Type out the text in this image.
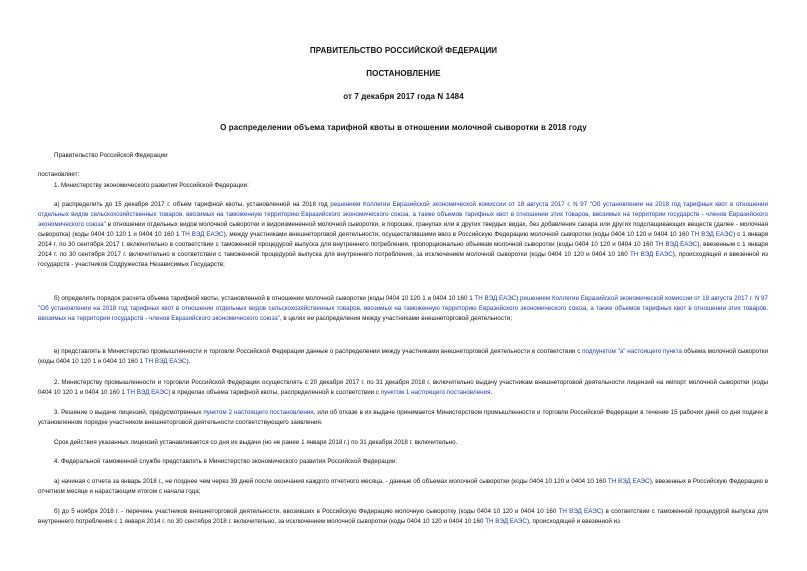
ПРАВИТЕЛЬСТВО РОССИЙСКОЙ ФЕДЕРАЦИИ
ПОСТАНОВЛЕНИЕ
от 7 декабря 2017 года N 1484
О распределении объема тарифной квоты в отношении молочной сыворотки в 2018 году
Правительство Российской Федерации
постановляет:
1. Министерству экономического развития Российской Федерации:
а) распределить до 15 декабря 2017 г. объем тарифной квоты, установленной на 2018 год решением Коллегии Евразийской экономической комиссии от 18 августа 2017 г. N 97 "Об установлении на 2018 год тарифных квот в отношении отдельных видов сельскохозяйственных товаров, ввозимых на таможенную территорию Евразийского экономического союза, а также объемов тарифных квот в отношении этих товаров, ввозимых на территории государств - членов Евразийского экономического союза" в отношении отдельных видов молочной сыворотки и видоизмененной молочной сыворотки, в порошке, гранулах или в других твердых видах, без добавления сахара или других подслащивающих веществ (далее - молочная сыворотка) (коды 0404 10 120 1 и 0404 10 160 1 ТН ВЭД ЕАЭС), между участниками внешнеторговой деятельности, осуществлявшими ввоз в Российскую Федерацию молочной сыворотки (коды 0404 10 120 и 0404 10 160 ТН ВЭД ЕАЭС) с 1 января 2014 г. по 30 сентября 2017 г. включительно в соответствии с таможенной процедурой выпуска для внутреннего потребления, пропорционально объемам молочной сыворотки (коды 0404 10 120 и 0404 10 160 ТН ВЭД ЕАЭС), ввезенным с 1 января 2014 г. по 30 сентября 2017 г. включительно в соответствии с таможенной процедурой выпуска для внутреннего потребления, за исключением молочной сыворотки (коды 0404 10 120 и 0404 10 160 ТН ВЭД ЕАЭС), происходящей и ввезенной из государств - участников Содружества Независимых Государств;
б) определить порядок расчета объема тарифной квоты, установленной в отношении молочной сыворотки (коды 0404 10 120 1 и 0404 10 160 1 ТН ВЭД ЕАЭС) решением Коллегии Евразийской экономической комиссии от 18 августа 2017 г. N 97 "Об установлении на 2018 год тарифных квот в отношении отдельных видов сельскохозяйственных товаров, ввозимых на таможенную территорию Евразийского экономического союза, а также объемов тарифных квот в отношении этих товаров, ввозимых на территории государств - членов Евразийского экономического союза", в целях ее распределения между участниками внешнеторговой деятельности;
в) представлять в Министерство промышленности и торговли Российской Федерации данные о распределении между участниками внешнеторговой деятельности в соответствии с подпунктом "а" настоящего пункта объема молочной сыворотки (коды 0404 10 120 1 и 0404 10 160 1 ТН ВЭД ЕАЭС).
2. Министерству промышленности и торговли Российской Федерации осуществлять с 20 декабря 2017 г. по 31 декабря 2018 г. включительно выдачу участникам внешнеторговой деятельности лицензий на импорт молочной сыворотки (коды 0404 10 120 1 и 0404 10 160 1 ТН ВЭД ЕАЭС) в пределах объема тарифной квоты, распределенной в соответствии с пунктом 1 настоящего постановления.
3. Решение о выдаче лицензий, предусмотренных пунктом 2 настоящего постановления, или об отказе в их выдаче принимается Министерством промышленности и торговли Российской Федерации в течение 15 рабочих дней со дня подачи в установленном порядке участником внешнеторговой деятельности соответствующего заявления.
Срок действия указанных лицензий устанавливается со дня их выдачи (но не ранее 1 января 2018 г.) по 31 декабря 2018 г. включительно.
4. Федеральной таможенной службе представлять в Министерство экономического развития Российской Федерации:
а) начиная с отчета за январь 2018 г., не позднее чем через 39 дней после окончания каждого отчетного месяца, - данные об объемах молочной сыворотки (коды 0404 10 120 и 0404 10 160 ТН ВЭД ЕАЭС), ввезенных в Российскую Федерацию в отчетном месяце и нарастающим итогом с начала года;
б) до 5 ноября 2018 г. - перечень участников внешнеторговой деятельности, ввозивших в Российскую Федерацию молочную сыворотку (коды 0404 10 120 и 0404 10 160 ТН ВЭД ЕАЭС) в соответствии с таможенной процедурой выпуска для внутреннего потребления с 1 января 2014 г. по 30 сентября 2018 г. включительно, за исключением молочной сыворотки (коды 0404 10 120 и 0404 10 160 ТН ВЭД ЕАЭС), происходящей и ввезенной из
